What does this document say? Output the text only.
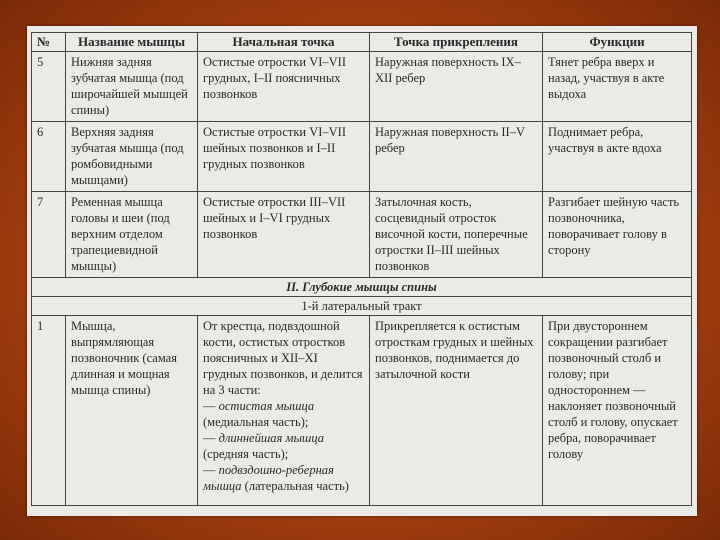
№	Название мышцы	Начальная точка	Точка прикрепления	Функции
5	Нижняя задняя зубчатая мышца (под широчайшей мышцей спины)	Остистые отростки VI–VII грудных, I–II поясничных позвонков	Наружная поверхность IX–XII ребер	Тянет ребра вверх и назад, участвуя в акте выдоха
6	Верхняя задняя зубчатая мышца (под ромбовидными мышцами)	Остистые отростки VI–VII шейных позвонков и I–II грудных позвонков	Наружная поверхность II–V ребер	Поднимает ребра, участвуя в акте вдоха
7	Ременная мышца головы и шеи (под верхним отделом трапециевидной мышцы)	Остистые отростки III–VII шейных и I–VI грудных позвонков	Затылочная кость, сосцевидный отросток височной кости, поперечные отростки II–III шейных позвонков	Разгибает шейную часть позвоночника, поворачивает голову в сторону
II. Глубокие мышцы спины				
1-й латеральный тракт				
1	Мышца, выпрямляющая позвоночник (самая длинная и мощная мышца спины)	От крестца, подвздошной кости, остистых отростков поясничных и XII–XI грудных позвонков, и делится на 3 части:
— остистая мышца (медиальная часть);
— длиннейшая мышца (средняя часть);
— подвздошно-реберная мышца (латеральная часть)	Прикрепляется к остистым отросткам грудных и шейных позвонков, поднимается до затылочной кости	При двустороннем сокращении разгибает позвоночный столб и голову; при одностороннем — наклоняет позвоночный столб и голову, опускает ребра, поворачивает голову
